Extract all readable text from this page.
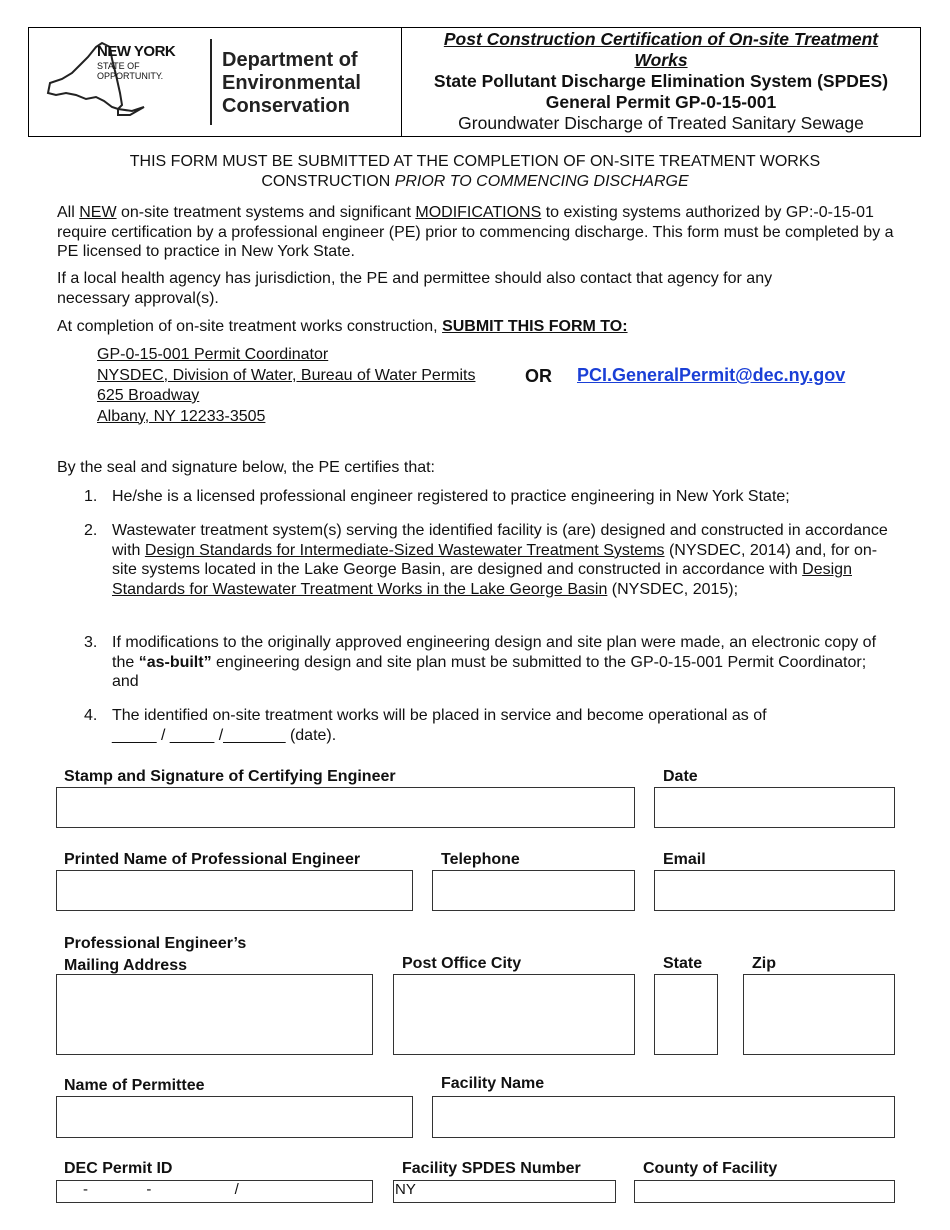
NEW YORK
STATE OF
OPPORTUNITY.
Department of
Environmental
Conservation
Post Construction Certification of On-site Treatment
Works
State Pollutant Discharge Elimination System (SPDES)
General Permit GP-0-15-001
Groundwater Discharge of Treated Sanitary Sewage
THIS FORM MUST BE SUBMITTED AT THE COMPLETION OF ON-SITE TREATMENT WORKS
CONSTRUCTION PRIOR TO COMMENCING DISCHARGE
All NEW on-site treatment systems and significant MODIFICATIONS to existing systems authorized by GP:-0-15-01 require certification by a professional engineer (PE) prior to commencing discharge. This form must be completed by a PE licensed to practice in New York State.
If a local health agency has jurisdiction, the PE and permittee should also contact that agency for any necessary approval(s).
At completion of on-site treatment works construction, SUBMIT THIS FORM TO:
GP-0-15-001 Permit Coordinator
NYSDEC, Division of Water, Bureau of Water Permits
625 Broadway
Albany, NY 12233-3505
OR PCI.GeneralPermit@dec.ny.gov
By the seal and signature below, the PE certifies that:
1. He/she is a licensed professional engineer registered to practice engineering in New York State;
2. Wastewater treatment system(s) serving the identified facility is (are) designed and constructed in accordance with Design Standards for Intermediate-Sized Wastewater Treatment Systems (NYSDEC, 2014) and, for on-site systems located in the Lake George Basin, are designed and constructed in accordance with Design Standards for Wastewater Treatment Works in the Lake George Basin (NYSDEC, 2015);
3. If modifications to the originally approved engineering design and site plan were made, an electronic copy of the “as-built” engineering design and site plan must be submitted to the GP-0-15-001 Permit Coordinator; and
4. The identified on-site treatment works will be placed in service and become operational as of
_____ / _____ /_______ (date).
Stamp and Signature of Certifying Engineer	Date
Printed Name of Professional Engineer	Telephone	Email
Professional Engineer’s
Mailing Address	Post Office City	State	Zip
Name of Permittee	Facility Name
DEC Permit ID	Facility SPDES Number	County of Facility
-              -                    /	NY
